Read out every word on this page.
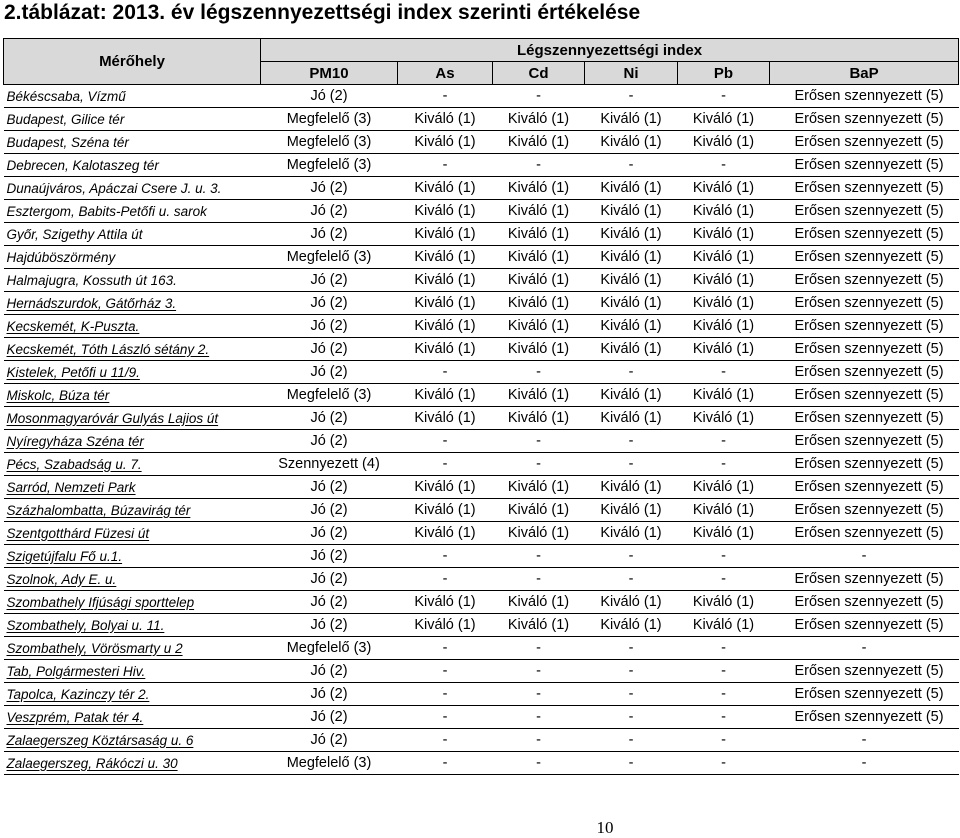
2.táblázat: 2013. év légszennyezettségi index szerinti értékelése
Mérőhely	Légszennyezettségi index					
	PM10	As	Cd	Ni	Pb	BaP
Békéscsaba, Vízmű	Jó (2)	-	-	-	-	Erősen szennyezett (5)
Budapest, Gilice tér	Megfelelő (3)	Kiváló (1)	Kiváló (1)	Kiváló (1)	Kiváló (1)	Erősen szennyezett (5)
Budapest, Széna tér	Megfelelő (3)	Kiváló (1)	Kiváló (1)	Kiváló (1)	Kiváló (1)	Erősen szennyezett (5)
Debrecen, Kalotaszeg tér	Megfelelő (3)	-	-	-	-	Erősen szennyezett (5)
Dunaújváros, Apáczai Csere J. u. 3.	Jó (2)	Kiváló (1)	Kiváló (1)	Kiváló (1)	Kiváló (1)	Erősen szennyezett (5)
Esztergom, Babits-Petőfi u. sarok	Jó (2)	Kiváló (1)	Kiváló (1)	Kiváló (1)	Kiváló (1)	Erősen szennyezett (5)
Győr, Szigethy Attila út	Jó (2)	Kiváló (1)	Kiváló (1)	Kiváló (1)	Kiváló (1)	Erősen szennyezett (5)
Hajdúböszörmény	Megfelelő (3)	Kiváló (1)	Kiváló (1)	Kiváló (1)	Kiváló (1)	Erősen szennyezett (5)
Halmajugra, Kossuth út 163.	Jó (2)	Kiváló (1)	Kiváló (1)	Kiváló (1)	Kiváló (1)	Erősen szennyezett (5)
Hernádszurdok, Gátőrház 3.	Jó (2)	Kiváló (1)	Kiváló (1)	Kiváló (1)	Kiváló (1)	Erősen szennyezett (5)
Kecskemét, K-Puszta.	Jó (2)	Kiváló (1)	Kiváló (1)	Kiváló (1)	Kiváló (1)	Erősen szennyezett (5)
Kecskemét, Tóth László sétány 2.	Jó (2)	Kiváló (1)	Kiváló (1)	Kiváló (1)	Kiváló (1)	Erősen szennyezett (5)
Kistelek, Petőfi u 11/9.	Jó (2)	-	-	-	-	Erősen szennyezett (5)
Miskolc, Búza tér	Megfelelő (3)	Kiváló (1)	Kiváló (1)	Kiváló (1)	Kiváló (1)	Erősen szennyezett (5)
Mosonmagyaróvár Gulyás Lajios út	Jó (2)	Kiváló (1)	Kiváló (1)	Kiváló (1)	Kiváló (1)	Erősen szennyezett (5)
Nyíregyháza Széna tér	Jó (2)	-	-	-	-	Erősen szennyezett (5)
Pécs, Szabadság u. 7.	Szennyezett (4)	-	-	-	-	Erősen szennyezett (5)
Sarród, Nemzeti Park	Jó (2)	Kiváló (1)	Kiváló (1)	Kiváló (1)	Kiváló (1)	Erősen szennyezett (5)
Százhalombatta, Búzavirág tér	Jó (2)	Kiváló (1)	Kiváló (1)	Kiváló (1)	Kiváló (1)	Erősen szennyezett (5)
Szentgotthárd Füzesi út	Jó (2)	Kiváló (1)	Kiváló (1)	Kiváló (1)	Kiváló (1)	Erősen szennyezett (5)
Szigetújfalu Fő u.1.	Jó (2)	-	-	-	-	-
Szolnok, Ady E. u.	Jó (2)	-	-	-	-	Erősen szennyezett (5)
Szombathely Ifjúsági sporttelep	Jó (2)	Kiváló (1)	Kiváló (1)	Kiváló (1)	Kiváló (1)	Erősen szennyezett (5)
Szombathely, Bolyai u. 11.	Jó (2)	Kiváló (1)	Kiváló (1)	Kiváló (1)	Kiváló (1)	Erősen szennyezett (5)
Szombathely, Vörösmarty u 2	Megfelelő (3)	-	-	-	-	-
Tab, Polgármesteri Hiv.	Jó (2)	-	-	-	-	Erősen szennyezett (5)
Tapolca, Kazinczy tér 2.	Jó (2)	-	-	-	-	Erősen szennyezett (5)
Veszprém, Patak tér 4.	Jó (2)	-	-	-	-	Erősen szennyezett (5)
Zalaegerszeg Köztársaság u. 6	Jó (2)	-	-	-	-	-
Zalaegerszeg, Rákóczi u. 30	Megfelelő (3)	-	-	-	-	-
10
